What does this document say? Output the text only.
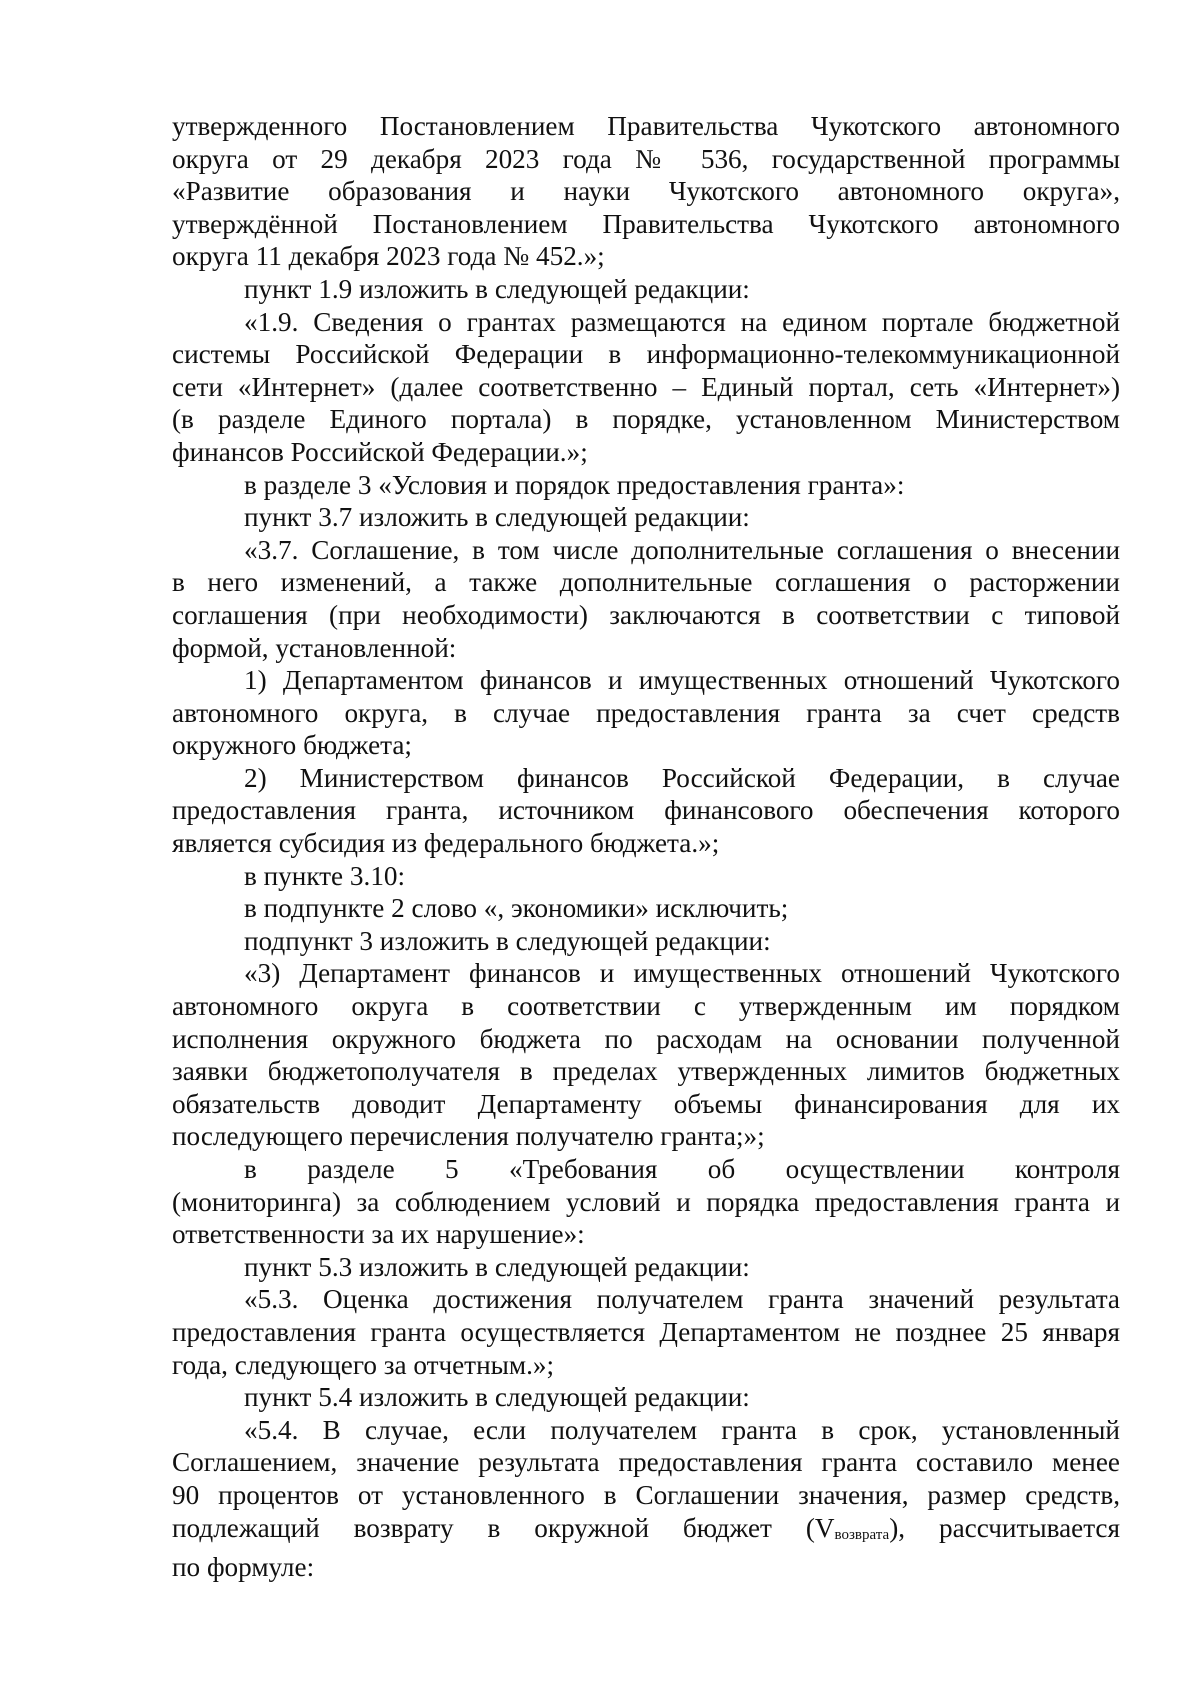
утвержденного Постановлением Правительства Чукотского автономного
округа от 29 декабря 2023 года № 536, государственной программы
«Развитие образования и науки Чукотского автономного округа»,
утверждённой Постановлением Правительства Чукотского автономного
округа 11 декабря 2023 года № 452.»;

пункт 1.9 изложить в следующей редакции:

«1.9. Сведения о грантах размещаются на едином портале бюджетной
системы Российской Федерации в информационно-телекоммуникационной
сети «Интернет» (далее соответственно – Единый портал, сеть «Интернет»)
(в разделе Единого портала) в порядке, установленном Министерством
финансов Российской Федерации.»;

в разделе 3 «Условия и порядок предоставления гранта»:

пункт 3.7 изложить в следующей редакции:

«3.7. Соглашение, в том числе дополнительные соглашения о внесении
в него изменений, а также дополнительные соглашения о расторжении
соглашения (при необходимости) заключаются в соответствии с типовой
формой, установленной:

1) Департаментом финансов и имущественных отношений Чукотского
автономного округа, в случае предоставления гранта за счет средств
окружного бюджета;

2) Министерством финансов Российской Федерации, в случае
предоставления гранта, источником финансового обеспечения которого
является субсидия из федерального бюджета.»;

в пункте 3.10:

в подпункте 2 слово «, экономики» исключить;

подпункт 3 изложить в следующей редакции:

«3) Департамент финансов и имущественных отношений Чукотского
автономного округа в соответствии с утвержденным им порядком
исполнения окружного бюджета по расходам на основании полученной
заявки бюджетополучателя в пределах утвержденных лимитов бюджетных
обязательств доводит Департаменту объемы финансирования для их
последующего перечисления получателю гранта;»;

в разделе 5 «Требования об осуществлении контроля
(мониторинга) за соблюдением условий и порядка предоставления гранта и
ответственности за их нарушение»:

пункт 5.3 изложить в следующей редакции:

«5.3. Оценка достижения получателем гранта значений результата
предоставления гранта осуществляется Департаментом не позднее 25 января
года, следующего за отчетным.»;

пункт 5.4 изложить в следующей редакции:

«5.4. В случае, если получателем гранта в срок, установленный
Соглашением, значение результата предоставления гранта составило менее
90 процентов от установленного в Соглашении значения, размер средств,
подлежащий возврату в окружной бюджет $(V_{возврата})$, рассчитывается
по формуле:
